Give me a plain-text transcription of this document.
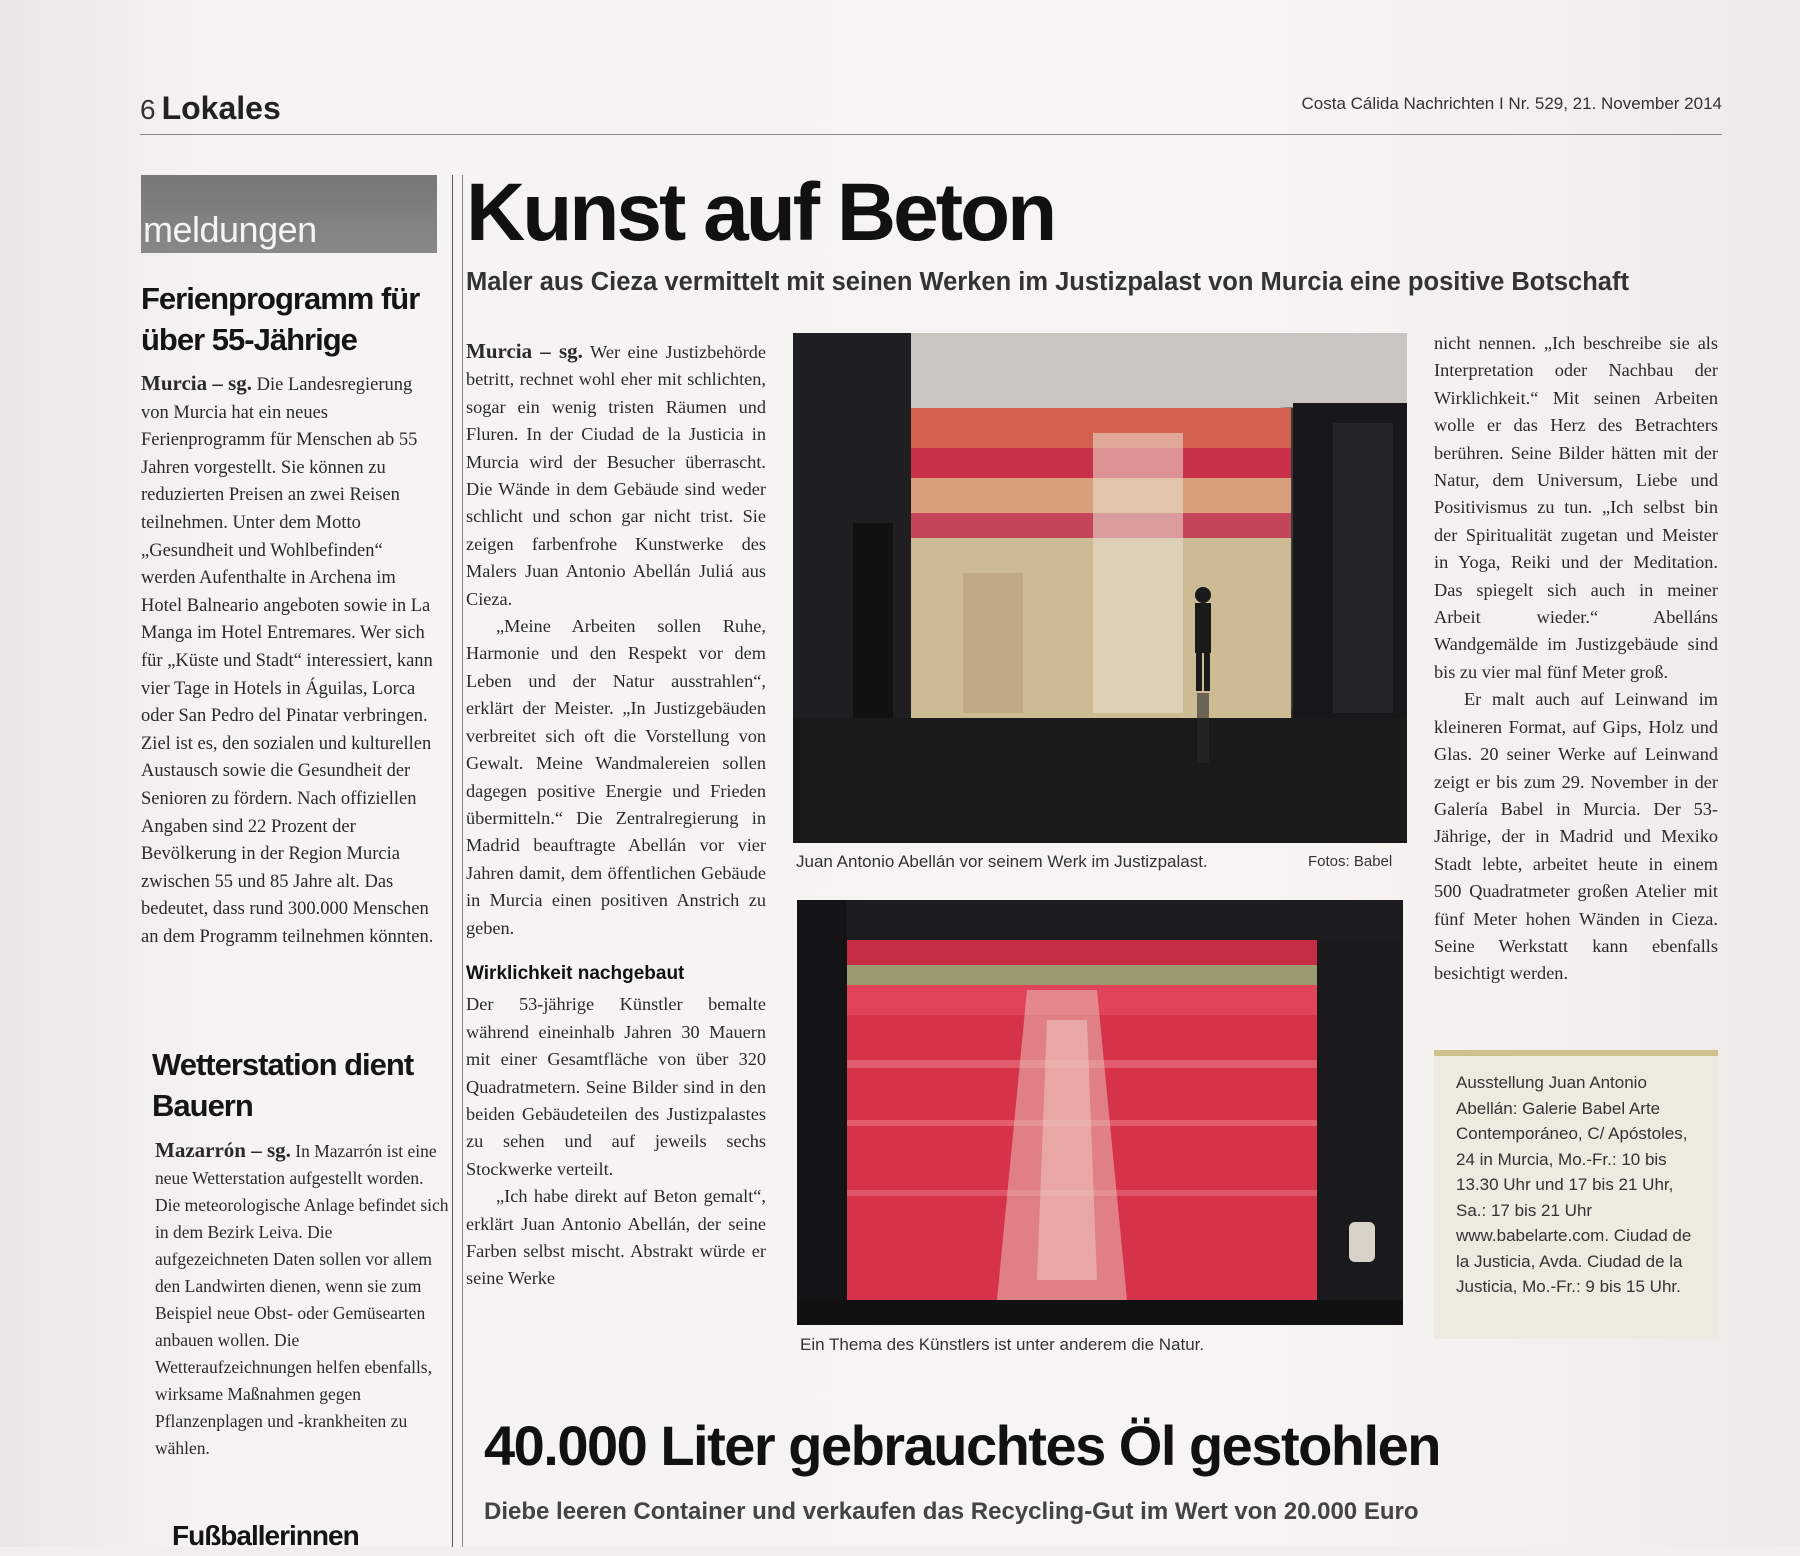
6 Lokales	Costa Cálida Nachrichten I Nr. 529, 21. November 2014
meldungen
Ferienprogramm für über 55-Jährige

Murcia – sg. Die Landesregierung von Murcia hat ein neues Ferienprogramm für Menschen ab 55 Jahren vorgestellt. Sie können zu reduzierten Preisen an zwei Reisen teilnehmen. Unter dem Motto „Gesundheit und Wohlbefinden“ werden Aufenthalte in Archena im Hotel Balneario angeboten sowie in La Manga im Hotel Entremares. Wer sich für „Küste und Stadt“ interessiert, kann vier Tage in Hotels in Águilas, Lorca oder San Pedro del Pinatar verbringen. Ziel ist es, den sozialen und kulturellen Austausch sowie die Gesundheit der Senioren zu fördern. Nach offiziellen Angaben sind 22 Prozent der Bevölkerung in der Region Murcia zwischen 55 und 85 Jahre alt. Das bedeutet, dass rund 300.000 Menschen an dem Programm teilnehmen könnten.

Wetterstation dient Bauern

Mazarrón – sg. In Mazarrón ist eine neue Wetterstation aufgestellt worden. Die meteorologische Anlage befindet sich in dem Bezirk Leiva. Die aufgezeichneten Daten sollen vor allem den Landwirten dienen, wenn sie zum Beispiel neue Obst- oder Gemüsearten anbauen wollen. Die Wetteraufzeichnungen helfen ebenfalls, wirksame Maßnahmen gegen Pflanzenplagen und -krankheiten zu wählen.

Fußballerinnen
Kunst auf Beton
Maler aus Cieza vermittelt mit seinen Werken im Justizpalast von Murcia eine positive Botschaft

Murcia – sg. Wer eine Justizbehörde betritt, rechnet wohl eher mit schlichten, sogar ein wenig tristen Räumen und Fluren. In der Ciudad de la Justicia in Murcia wird der Besucher überrascht. Die Wände in dem Gebäude sind weder schlicht und schon gar nicht trist. Sie zeigen farbenfrohe Kunstwerke des Malers Juan Antonio Abellán Juliá aus Cieza.

„Meine Arbeiten sollen Ruhe, Harmonie und den Respekt vor dem Leben und der Natur ausstrahlen“, erklärt der Meister. „In Justizgebäuden verbreitet sich oft die Vorstellung von Gewalt. Meine Wandmalereien sollen dagegen positive Energie und Frieden übermitteln.“ Die Zentralregierung in Madrid beauftragte Abellán vor vier Jahren damit, dem öffentlichen Gebäude in Murcia einen positiven Anstrich zu geben.

Wirklichkeit nachgebaut

Der 53-jährige Künstler bemalte während eineinhalb Jahren 30 Mauern mit einer Gesamtfläche von über 320 Quadratmetern. Seine Bilder sind in den beiden Gebäudeteilen des Justizpalastes zu sehen und auf jeweils sechs Stockwerke verteilt.

„Ich habe direkt auf Beton gemalt“, erklärt Juan Antonio Abellán, der seine Farben selbst mischt. Abstrakt würde er seine Werke

nicht nennen. „Ich beschreibe sie als Interpretation oder Nachbau der Wirklichkeit.“ Mit seinen Arbeiten wolle er das Herz des Betrachters berühren. Seine Bilder hätten mit der Natur, dem Universum, Liebe und Positivismus zu tun. „Ich selbst bin der Spiritualität zugetan und Meister in Yoga, Reiki und der Meditation. Das spiegelt sich auch in meiner Arbeit wieder.“ Abelláns Wandgemälde im Justizgebäude sind bis zu vier mal fünf Meter groß.

Er malt auch auf Leinwand im kleineren Format, auf Gips, Holz und Glas. 20 seiner Werke auf Leinwand zeigt er bis zum 29. November in der Galería Babel in Murcia. Der 53-Jährige, der in Madrid und Mexiko Stadt lebte, arbeitet heute in einem 500 Quadratmeter großen Atelier mit fünf Meter hohen Wänden in Cieza. Seine Werkstatt kann ebenfalls besichtigt werden.

Juan Antonio Abellán vor seinem Werk im Justizpalast.	Fotos: Babel

Ein Thema des Künstlers ist unter anderem die Natur.

Ausstellung Juan Antonio Abellán: Galerie Babel Arte Contemporáneo, C/ Apóstoles, 24 in Murcia, Mo.-Fr.: 10 bis 13.30 Uhr und 17 bis 21 Uhr, Sa.: 17 bis 21 Uhr www.babelarte.com. Ciudad de la Justicia, Avda. Ciudad de la Justicia, Mo.-Fr.: 9 bis 15 Uhr.

40.000 Liter gebrauchtes Öl gestohlen
Diebe leeren Container und verkaufen das Recycling-Gut im Wert von 20.000 Euro
